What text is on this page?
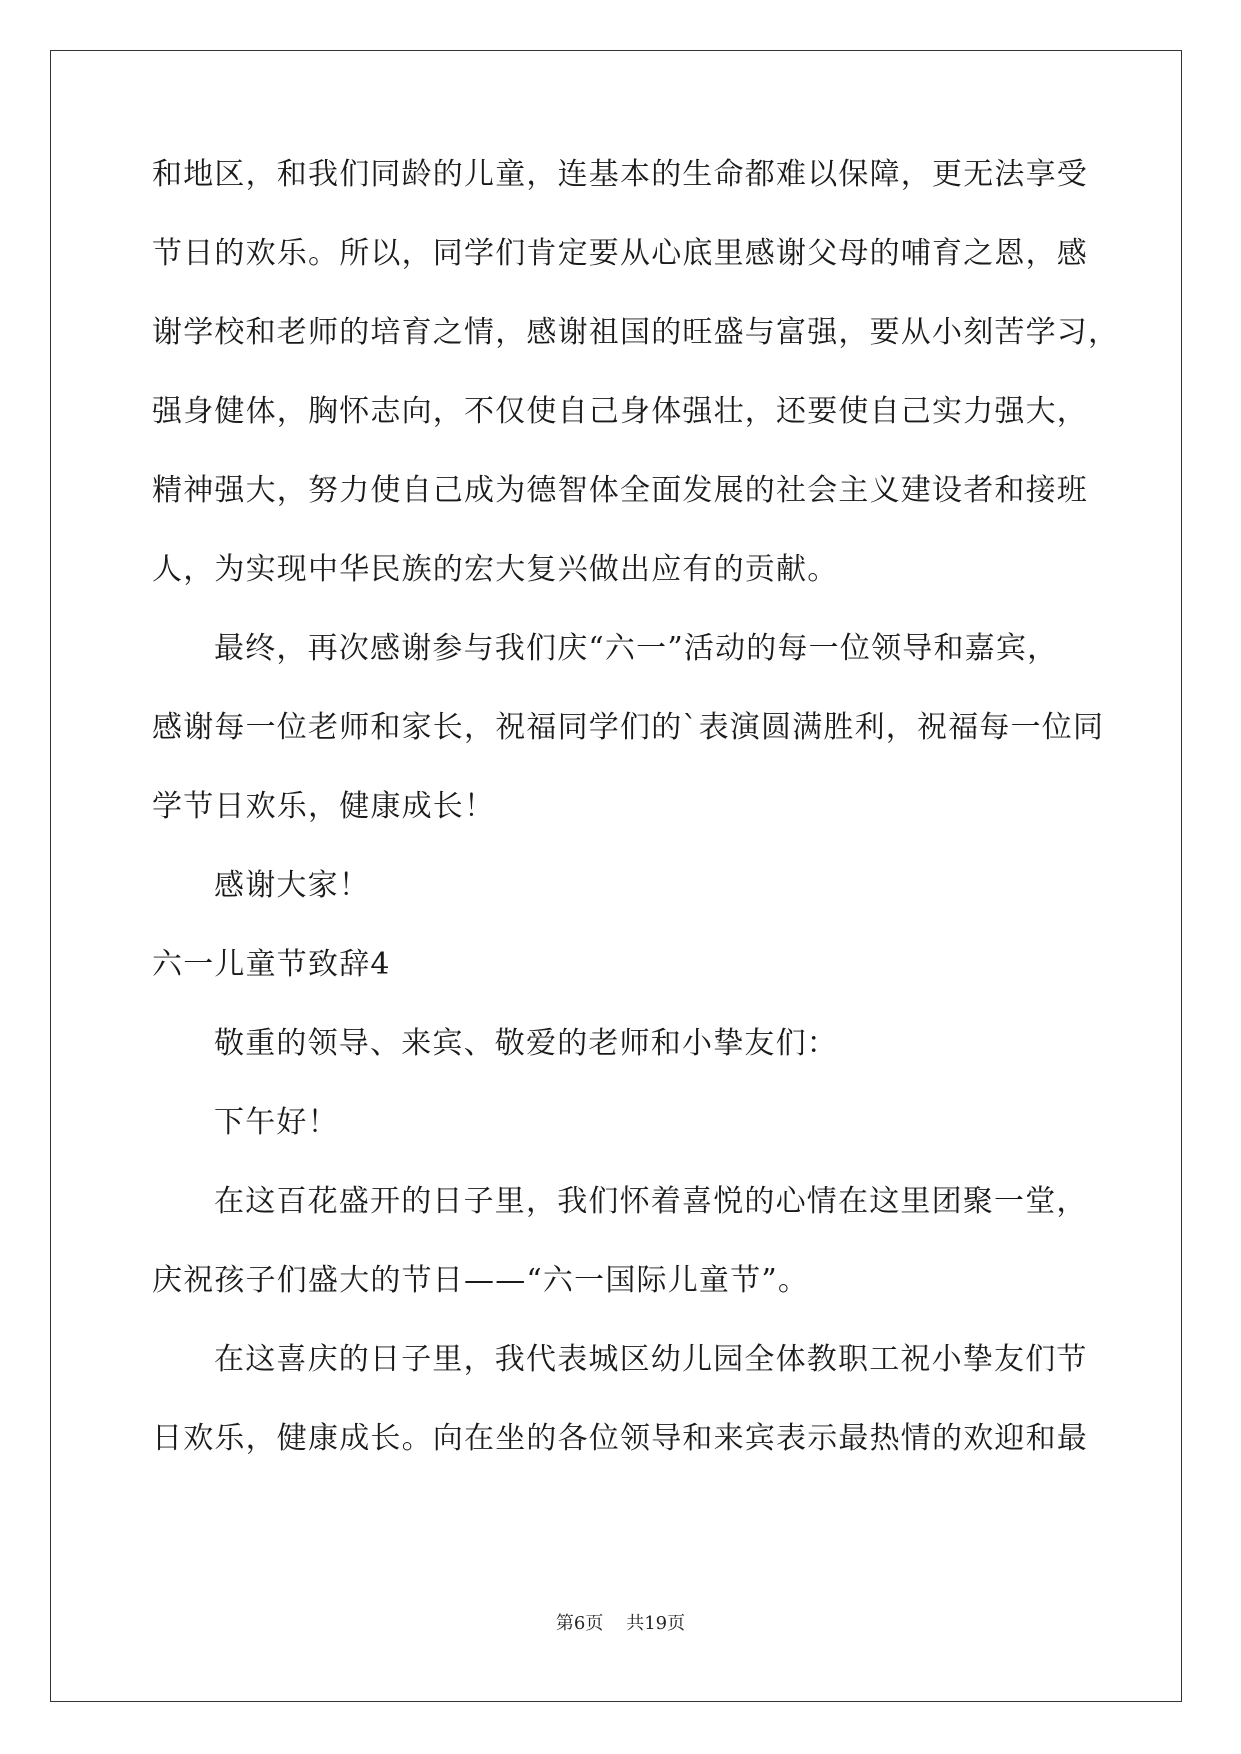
和地区，和我们同龄的儿童，连基本的生命都难以保障，更无法享受
节日的欢乐。所以，同学们肯定要从心底里感谢父母的哺育之恩，感
谢学校和老师的培育之情，感谢祖国的旺盛与富强，要从小刻苦学习，
强身健体，胸怀志向，不仅使自己身体强壮，还要使自己实力强大，
精神强大，努力使自己成为德智体全面发展的社会主义建设者和接班
人，为实现中华民族的宏大复兴做出应有的贡献。
最终，再次感谢参与我们庆“六一”活动的每一位领导和嘉宾，
感谢每一位老师和家长，祝福同学们的`表演圆满胜利，祝福每一位同
学节日欢乐，健康成长！
感谢大家！
六一儿童节致辞4
敬重的领导、来宾、敬爱的老师和小挚友们：
下午好！
在这百花盛开的日子里，我们怀着喜悦的心情在这里团聚一堂，
庆祝孩子们盛大的节日——“六一国际儿童节”。
在这喜庆的日子里，我代表城区幼儿园全体教职工祝小挚友们节
日欢乐，健康成长。向在坐的各位领导和来宾表示最热情的欢迎和最
第6页 共19页
